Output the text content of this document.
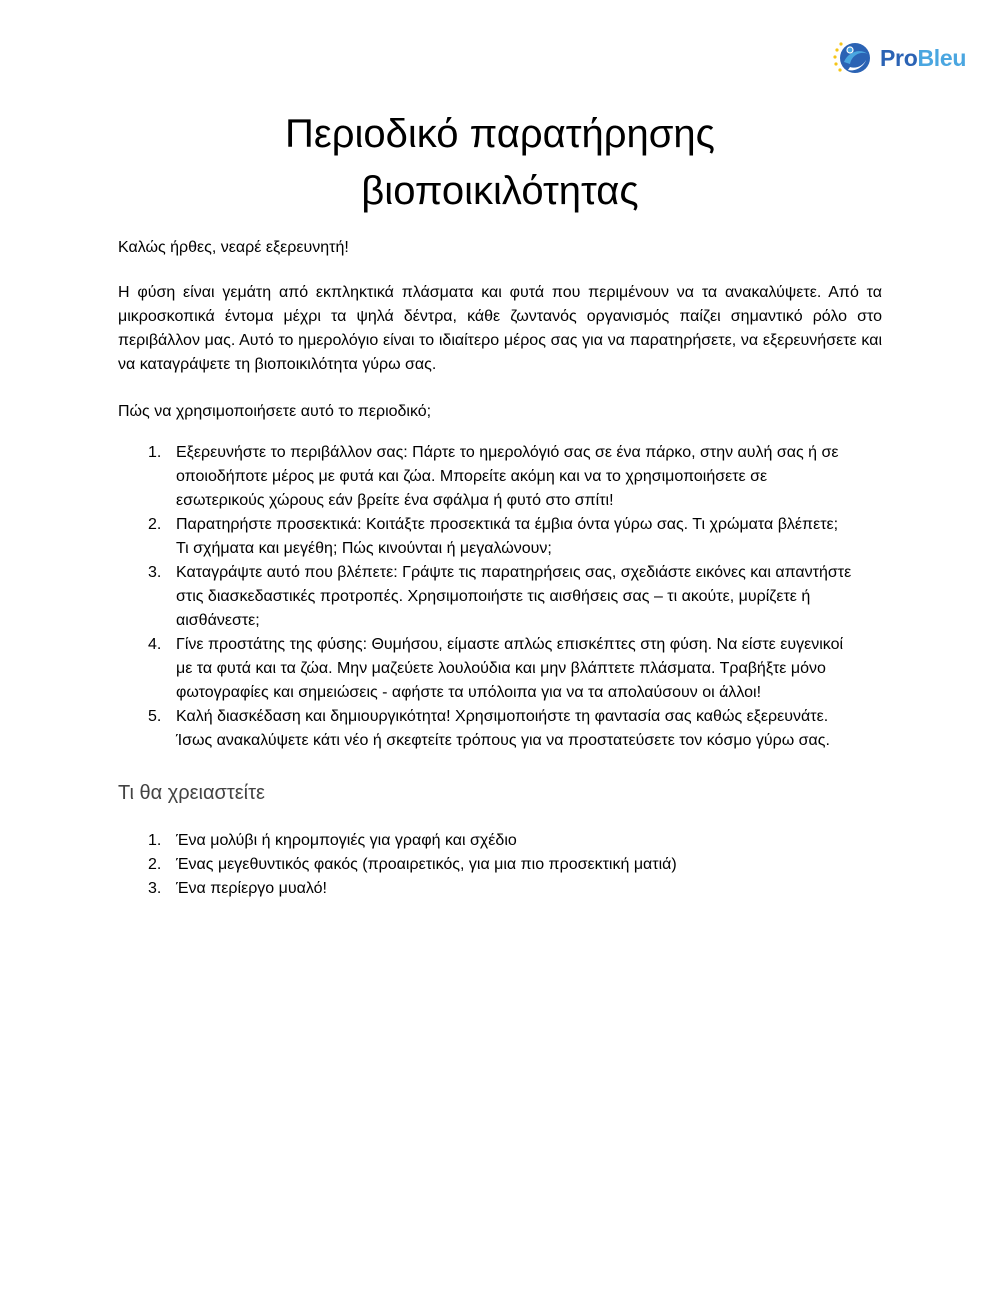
ProBleu
Περιοδικό παρατήρησης
βιοποικιλότητας

Καλώς ήρθες, νεαρέ εξερευνητή!

Η φύση είναι γεμάτη από εκπληκτικά πλάσματα και φυτά που περιμένουν να τα ανακαλύψετε. Από τα μικροσκοπικά έντομα μέχρι τα ψηλά δέντρα, κάθε ζωντανός οργανισμός παίζει σημαντικό ρόλο στο περιβάλλον μας. Αυτό το ημερολόγιο είναι το ιδιαίτερο μέρος σας για να παρατηρήσετε, να εξερευνήσετε και να καταγράψετε τη βιοποικιλότητα γύρω σας.

Πώς να χρησιμοποιήσετε αυτό το περιοδικό;

1. Εξερευνήστε το περιβάλλον σας: Πάρτε το ημερολόγιό σας σε ένα πάρκο, στην αυλή σας ή σε οποιοδήποτε μέρος με φυτά και ζώα. Μπορείτε ακόμη και να το χρησιμοποιήσετε σε εσωτερικούς χώρους εάν βρείτε ένα σφάλμα ή φυτό στο σπίτι!
2. Παρατηρήστε προσεκτικά: Κοιτάξτε προσεκτικά τα έμβια όντα γύρω σας. Τι χρώματα βλέπετε; Τι σχήματα και μεγέθη; Πώς κινούνται ή μεγαλώνουν;
3. Καταγράψτε αυτό που βλέπετε: Γράψτε τις παρατηρήσεις σας, σχεδιάστε εικόνες και απαντήστε στις διασκεδαστικές προτροπές. Χρησιμοποιήστε τις αισθήσεις σας – τι ακούτε, μυρίζετε ή αισθάνεστε;
4. Γίνε προστάτης της φύσης: Θυμήσου, είμαστε απλώς επισκέπτες στη φύση. Να είστε ευγενικοί με τα φυτά και τα ζώα. Μην μαζεύετε λουλούδια και μην βλάπτετε πλάσματα. Τραβήξτε μόνο φωτογραφίες και σημειώσεις - αφήστε τα υπόλοιπα για να τα απολαύσουν οι άλλοι!
5. Καλή διασκέδαση και δημιουργικότητα! Χρησιμοποιήστε τη φαντασία σας καθώς εξερευνάτε. Ίσως ανακαλύψετε κάτι νέο ή σκεφτείτε τρόπους για να προστατεύσετε τον κόσμο γύρω σας.
Τι θα χρειαστείτε
1. Ένα μολύβι ή κηρομπογιές για γραφή και σχέδιο
2. Ένας μεγεθυντικός φακός (προαιρετικός, για μια πιο προσεκτική ματιά)
3. Ένα περίεργο μυαλό!
